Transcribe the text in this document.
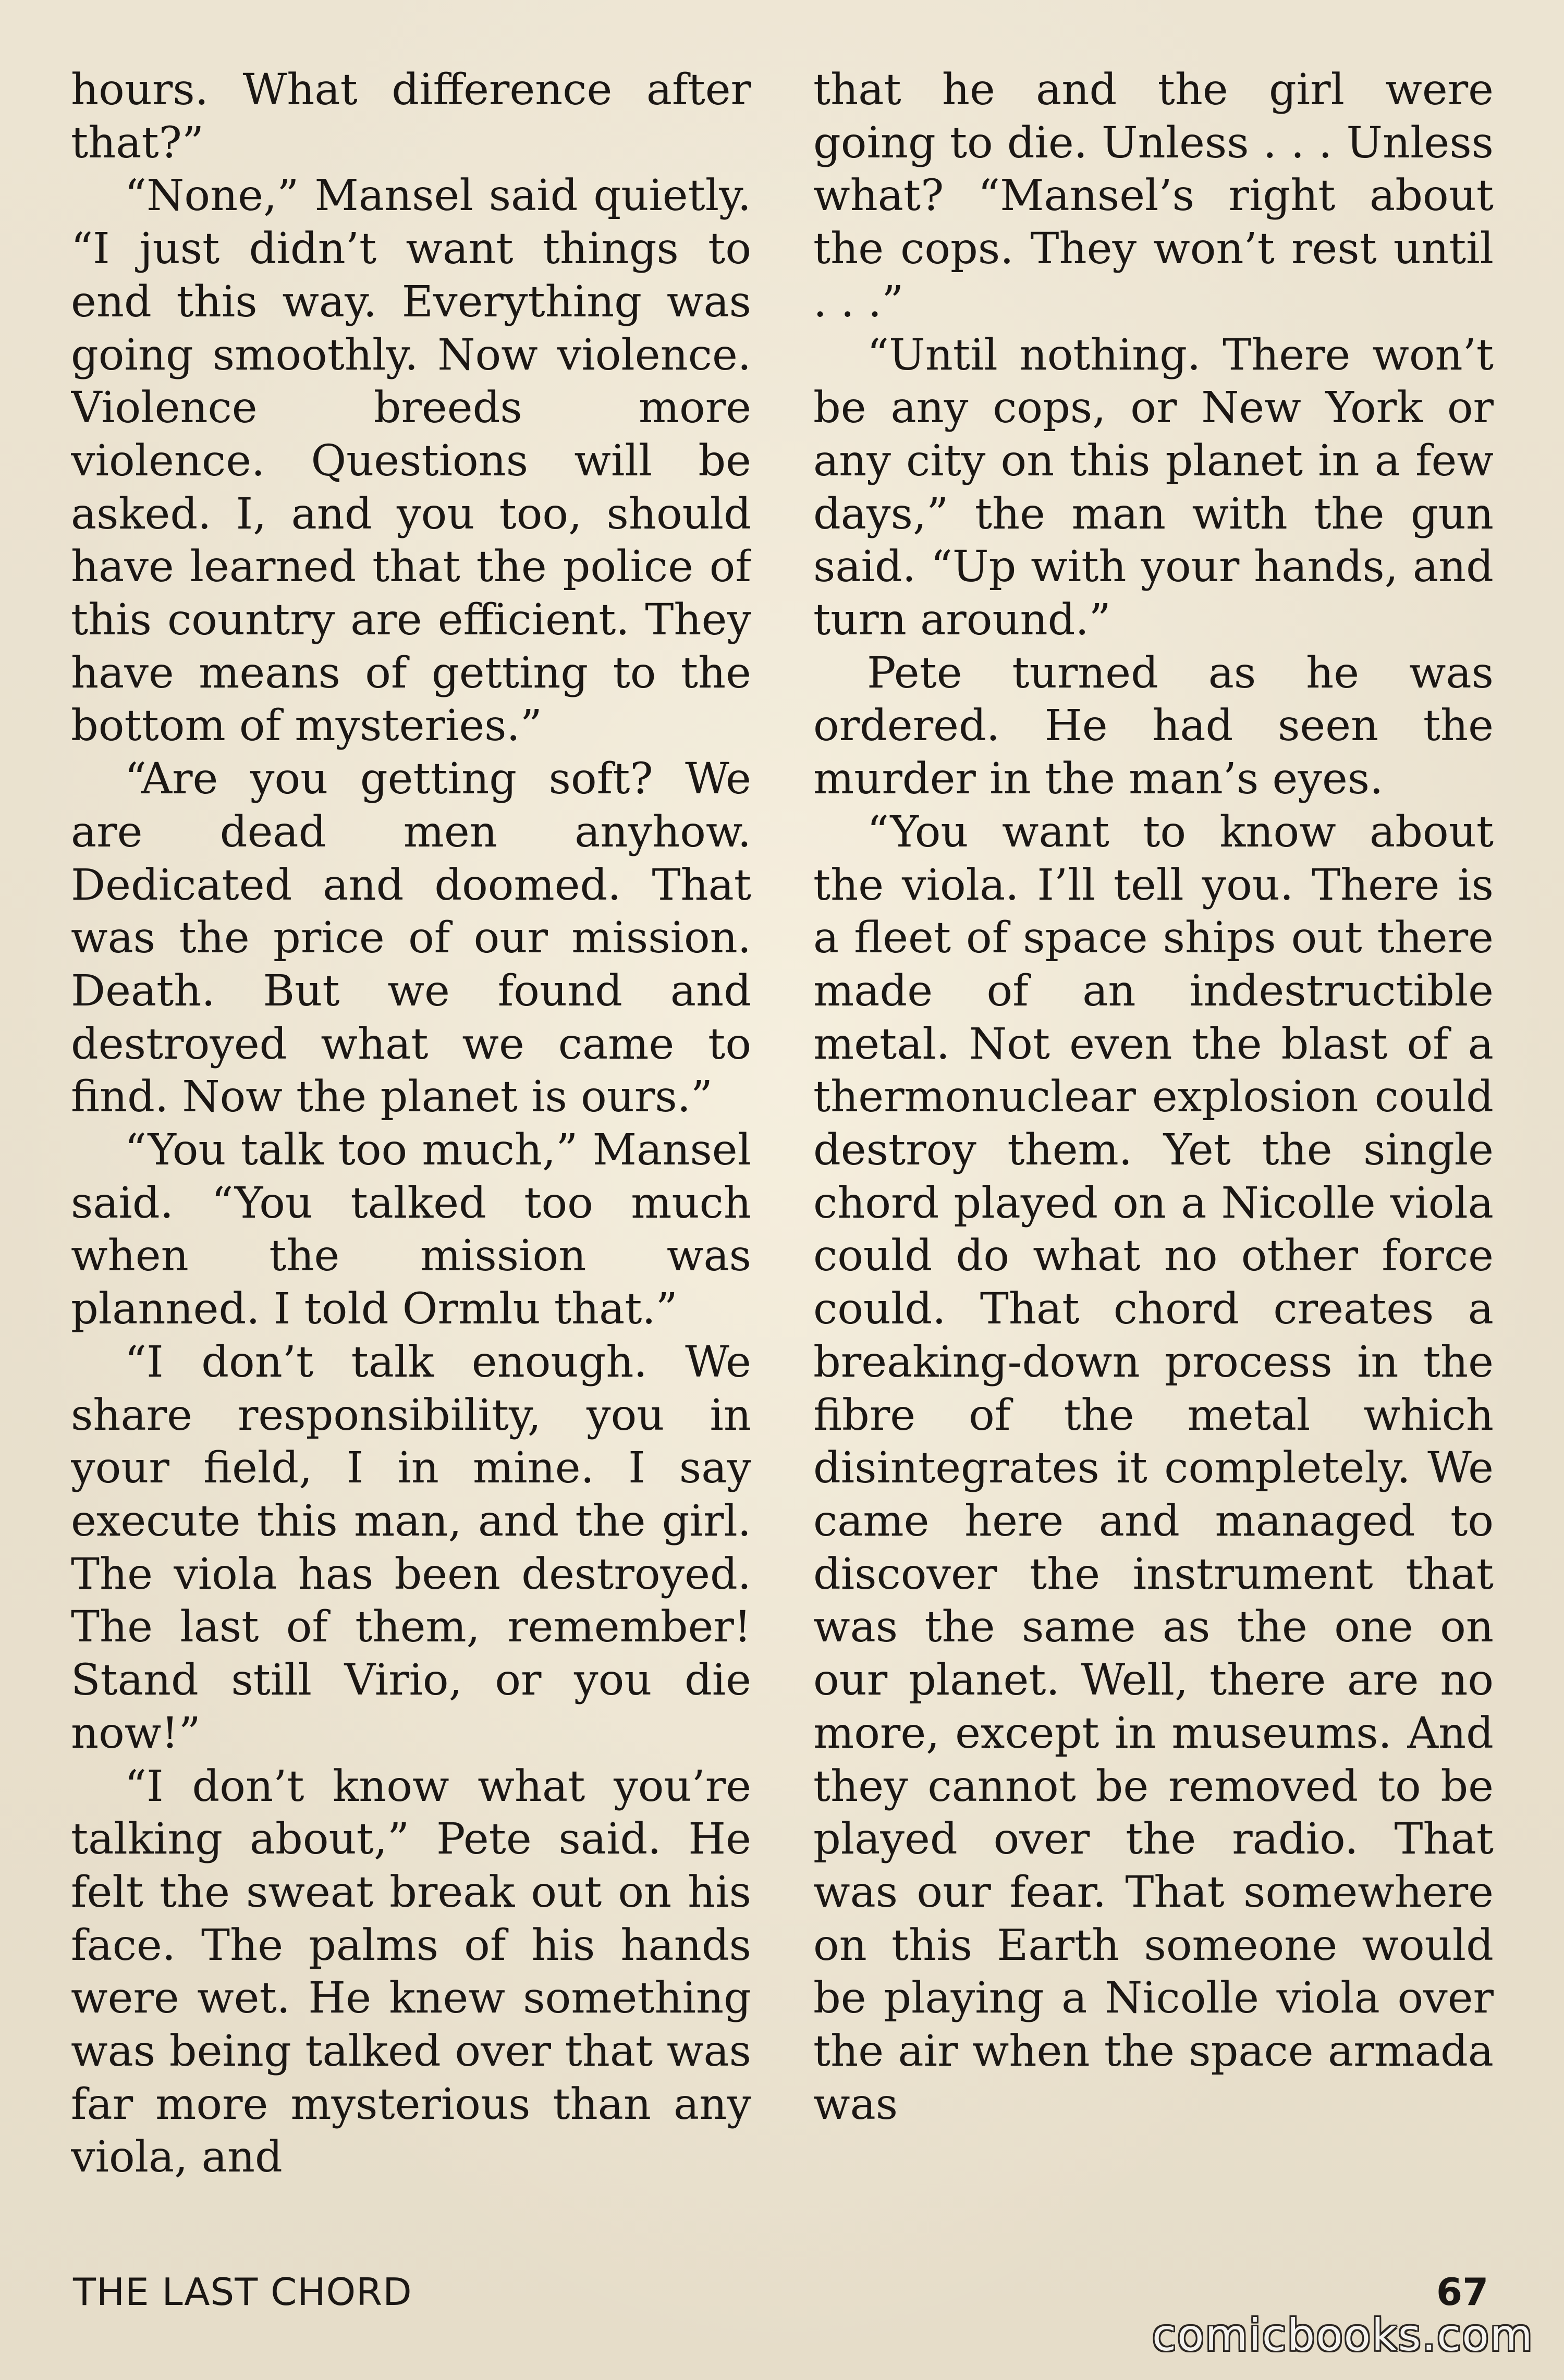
hours. What difference after that?”

“None,” Mansel said quietly. “I just didn’t want things to end this way. Everything was going smoothly. Now violence. Violence breeds more violence. Questions will be asked. I, and you too, should have learned that the police of this country are efficient. They have means of getting to the bottom of mysteries.”

“Are you getting soft? We are dead men anyhow. Dedicated and doomed. That was the price of our mission. Death. But we found and destroyed what we came to find. Now the planet is ours.”

“You talk too much,” Mansel said. “You talked too much when the mission was planned. I told Ormlu that.”

“I don’t talk enough. We share responsibility, you in your field, I in mine. I say execute this man, and the girl. The viola has been destroyed. The last of them, remember! Stand still Virio, or you die now!”

“I don’t know what you’re talking about,” Pete said. He felt the sweat break out on his face. The palms of his hands were wet. He knew something was being talked over that was far more mysterious than any viola, and

that he and the girl were going to die. Unless . . . Unless what? “Mansel’s right about the cops. They won’t rest until . . .”

“Until nothing. There won’t be any cops, or New York or any city on this planet in a few days,” the man with the gun said. “Up with your hands, and turn around.”

Pete turned as he was ordered. He had seen the murder in the man’s eyes.

“You want to know about the viola. I’ll tell you. There is a fleet of space ships out there made of an indestructible metal. Not even the blast of a thermonuclear explosion could destroy them. Yet the single chord played on a Nicolle viola could do what no other force could. That chord creates a breaking-down process in the fibre of the metal which disintegrates it completely. We came here and managed to discover the instrument that was the same as the one on our planet. Well, there are no more, except in museums. And they cannot be removed to be played over the radio. That was our fear. That somewhere on this Earth someone would be playing a Nicolle viola over the air when the space armada was

THE LAST CHORD	67
comicbooks.com
